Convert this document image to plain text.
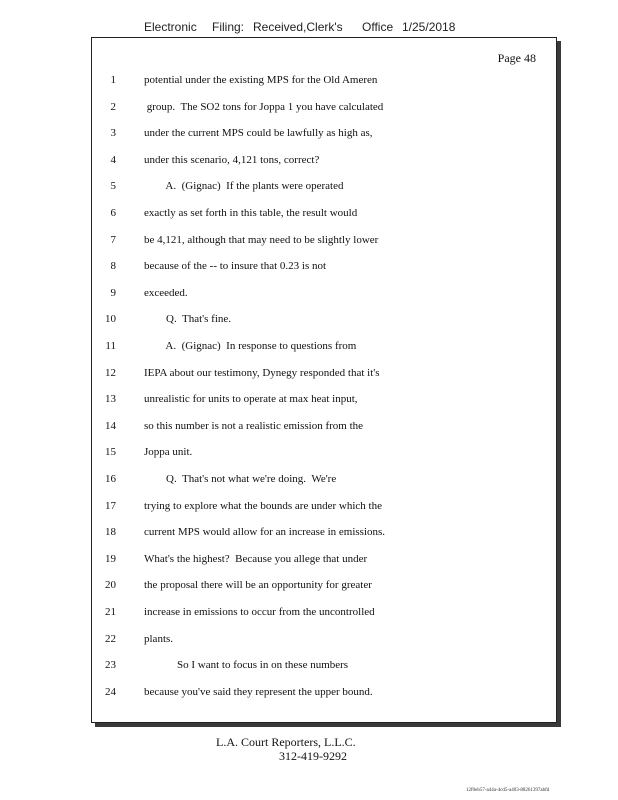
Electronic Filing: Received,Clerk's Office 1/25/2018
Page 48
1	potential under the existing MPS for the Old Ameren
2	group.  The SO2 tons for Joppa 1 you have calculated
3	under the current MPS could be lawfully as high as,
4	under this scenario, 4,121 tons, correct?
5	A.  (Gignac)  If the plants were operated
6	exactly as set forth in this table, the result would
7	be 4,121, although that may need to be slightly lower
8	because of the -- to insure that 0.23 is not
9	exceeded.
10	Q.  That's fine.
11	A.  (Gignac)  In response to questions from
12	IEPA about our testimony, Dynegy responded that it's
13	unrealistic for units to operate at max heat input,
14	so this number is not a realistic emission from the
15	Joppa unit.
16	Q.  That's not what we're doing.  We're
17	trying to explore what the bounds are under which the
18	current MPS would allow for an increase in emissions.
19	What's the highest?  Because you allege that under
20	the proposal there will be an opportunity for greater
21	increase in emissions to occur from the uncontrolled
22	plants.
23	So I want to focus in on these numbers
24	because you've said they represent the upper bound.
L.A. Court Reporters, L.L.C.
312-419-9292
12f0eb57-a44a-4cd5-a403-88261397abfd
